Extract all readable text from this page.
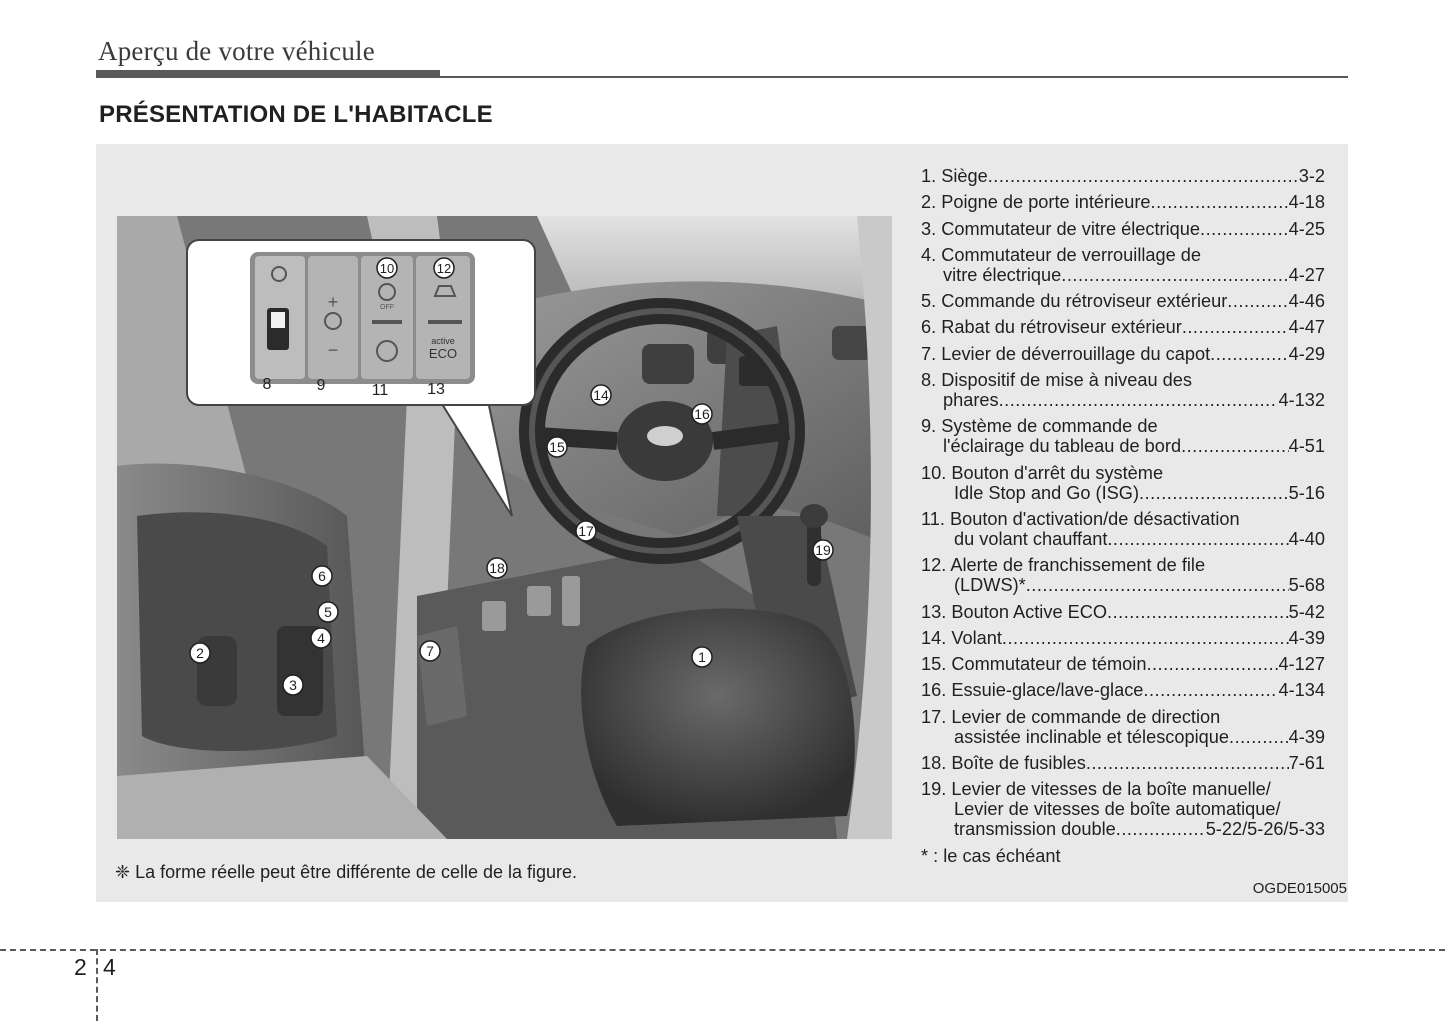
Aperçu de votre véhicule
PRÉSENTATION DE L'HABITACLE
+
−
OFF
active
ECO
8	9	11 13
10	12
1
2
3
4
5
6
7
14
15
16
17
18
19
❈ La forme réelle peut être différente de celle de la figure.
OGDE015005
1. Siège .....	3-2
2. Poigne de porte intérieure .....	4-18
3. Commutateur de vitre électrique .....	4-25
4. Commutateur de verrouillage de
vitre électrique .....	4-27
5. Commande du rétroviseur extérieur .....	4-46
6. Rabat du rétroviseur extérieur .....	4-47
7. Levier de déverrouillage du capot .....	4-29
8. Dispositif de mise à niveau des
phares .....	4-132
9. Système de commande de
l'éclairage du tableau de bord .....	4-51
10. Bouton d'arrêt du système
Idle Stop and Go (ISG) .....	5-16
11. Bouton d'activation/de désactivation
du volant chauffant .....	4-40
12. Alerte de franchissement de file
(LDWS)* .....	5-68
13. Bouton Active ECO .....	5-42
14. Volant .....	4-39
15. Commutateur de témoin .....	4-127
16. Essuie-glace/lave-glace .....	4-134
17. Levier de commande de direction
assistée inclinable et télescopique .....	4-39
18. Boîte de fusibles .....	7-61
19. Levier de vitesses de la boîte manuelle/
Levier de vitesses de boîte automatique/
transmission double .....	5-22/5-26/5-33
* : le cas échéant
2 4
